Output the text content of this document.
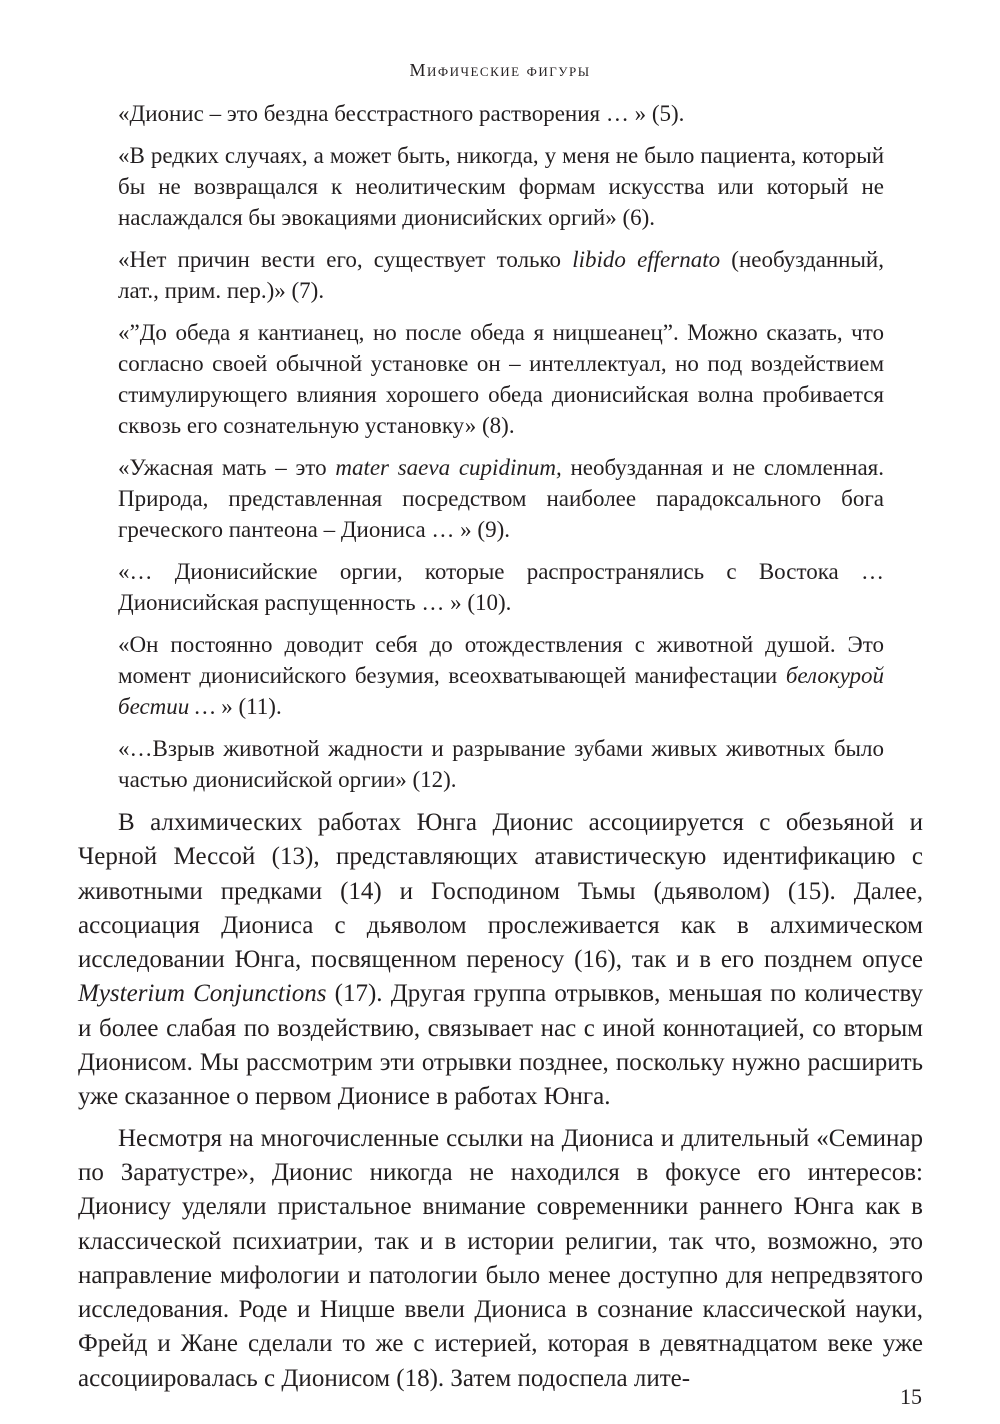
Мифические фигуры

«Дионис – это бездна бесстрастного растворения … » (5).

«В редких случаях, а может быть, никогда, у меня не было пациента, который бы не возвращался к неолитическим формам искусства или который не наслаждался бы эвокациями дионисийских оргий» (6).

«Нет причин вести его, существует только libido effernato (необузданный, лат., прим. пер.)» (7).

«”До обеда я кантианец, но после обеда я ницшеанец”. Можно сказать, что согласно своей обычной установке он – интеллектуал, но под воздействием стимулирующего влияния хорошего обеда дионисийская волна пробивается сквозь его сознательную установку» (8).

«Ужасная мать – это mater saeva cupidinum, необузданная и не сломленная. Природа, представленная посредством наиболее парадоксального бога греческого пантеона – Диониса … » (9).

«… Дионисийские оргии, которые распространялись с Востока … Дионисийская распущенность … » (10).

«Он постоянно доводит себя до отождествления с животной душой. Это момент дионисийского безумия, всеохватывающей манифестации белокурой бестии … » (11).

«…Взрыв животной жадности и разрывание зубами живых животных было частью дионисийской оргии» (12).

В алхимических работах Юнга Дионис ассоциируется с обезьяной и Черной Мессой (13), представляющих атавистическую идентификацию с животными предками (14) и Господином Тьмы (дьяволом) (15). Далее, ассоциация Диониса с дьяволом прослеживается как в алхимическом исследовании Юнга, посвященном переносу (16), так и в его позднем опусе Mysterium Conjunctions (17). Другая группа отрывков, меньшая по количеству и более слабая по воздействию, связывает нас с иной коннотацией, со вторым Дионисом. Мы рассмотрим эти отрывки позднее, поскольку нужно расширить уже сказанное о первом Дионисе в работах Юнга.

Несмотря на многочисленные ссылки на Диониса и длительный «Семинар по Заратустре», Дионис никогда не находился в фокусе его интересов: Дионису уделяли пристальное внимание современники раннего Юнга как в классической психиатрии, так и в истории религии, так что, возможно, это направление мифологии и патологии было менее доступно для непредвзятого исследования. Роде и Ницше ввели Диониса в сознание классической науки, Фрейд и Жане сделали то же с истерией, которая в девятнадцатом веке уже ассоциировалась с Дионисом (18). Затем подоспела лите-

15
